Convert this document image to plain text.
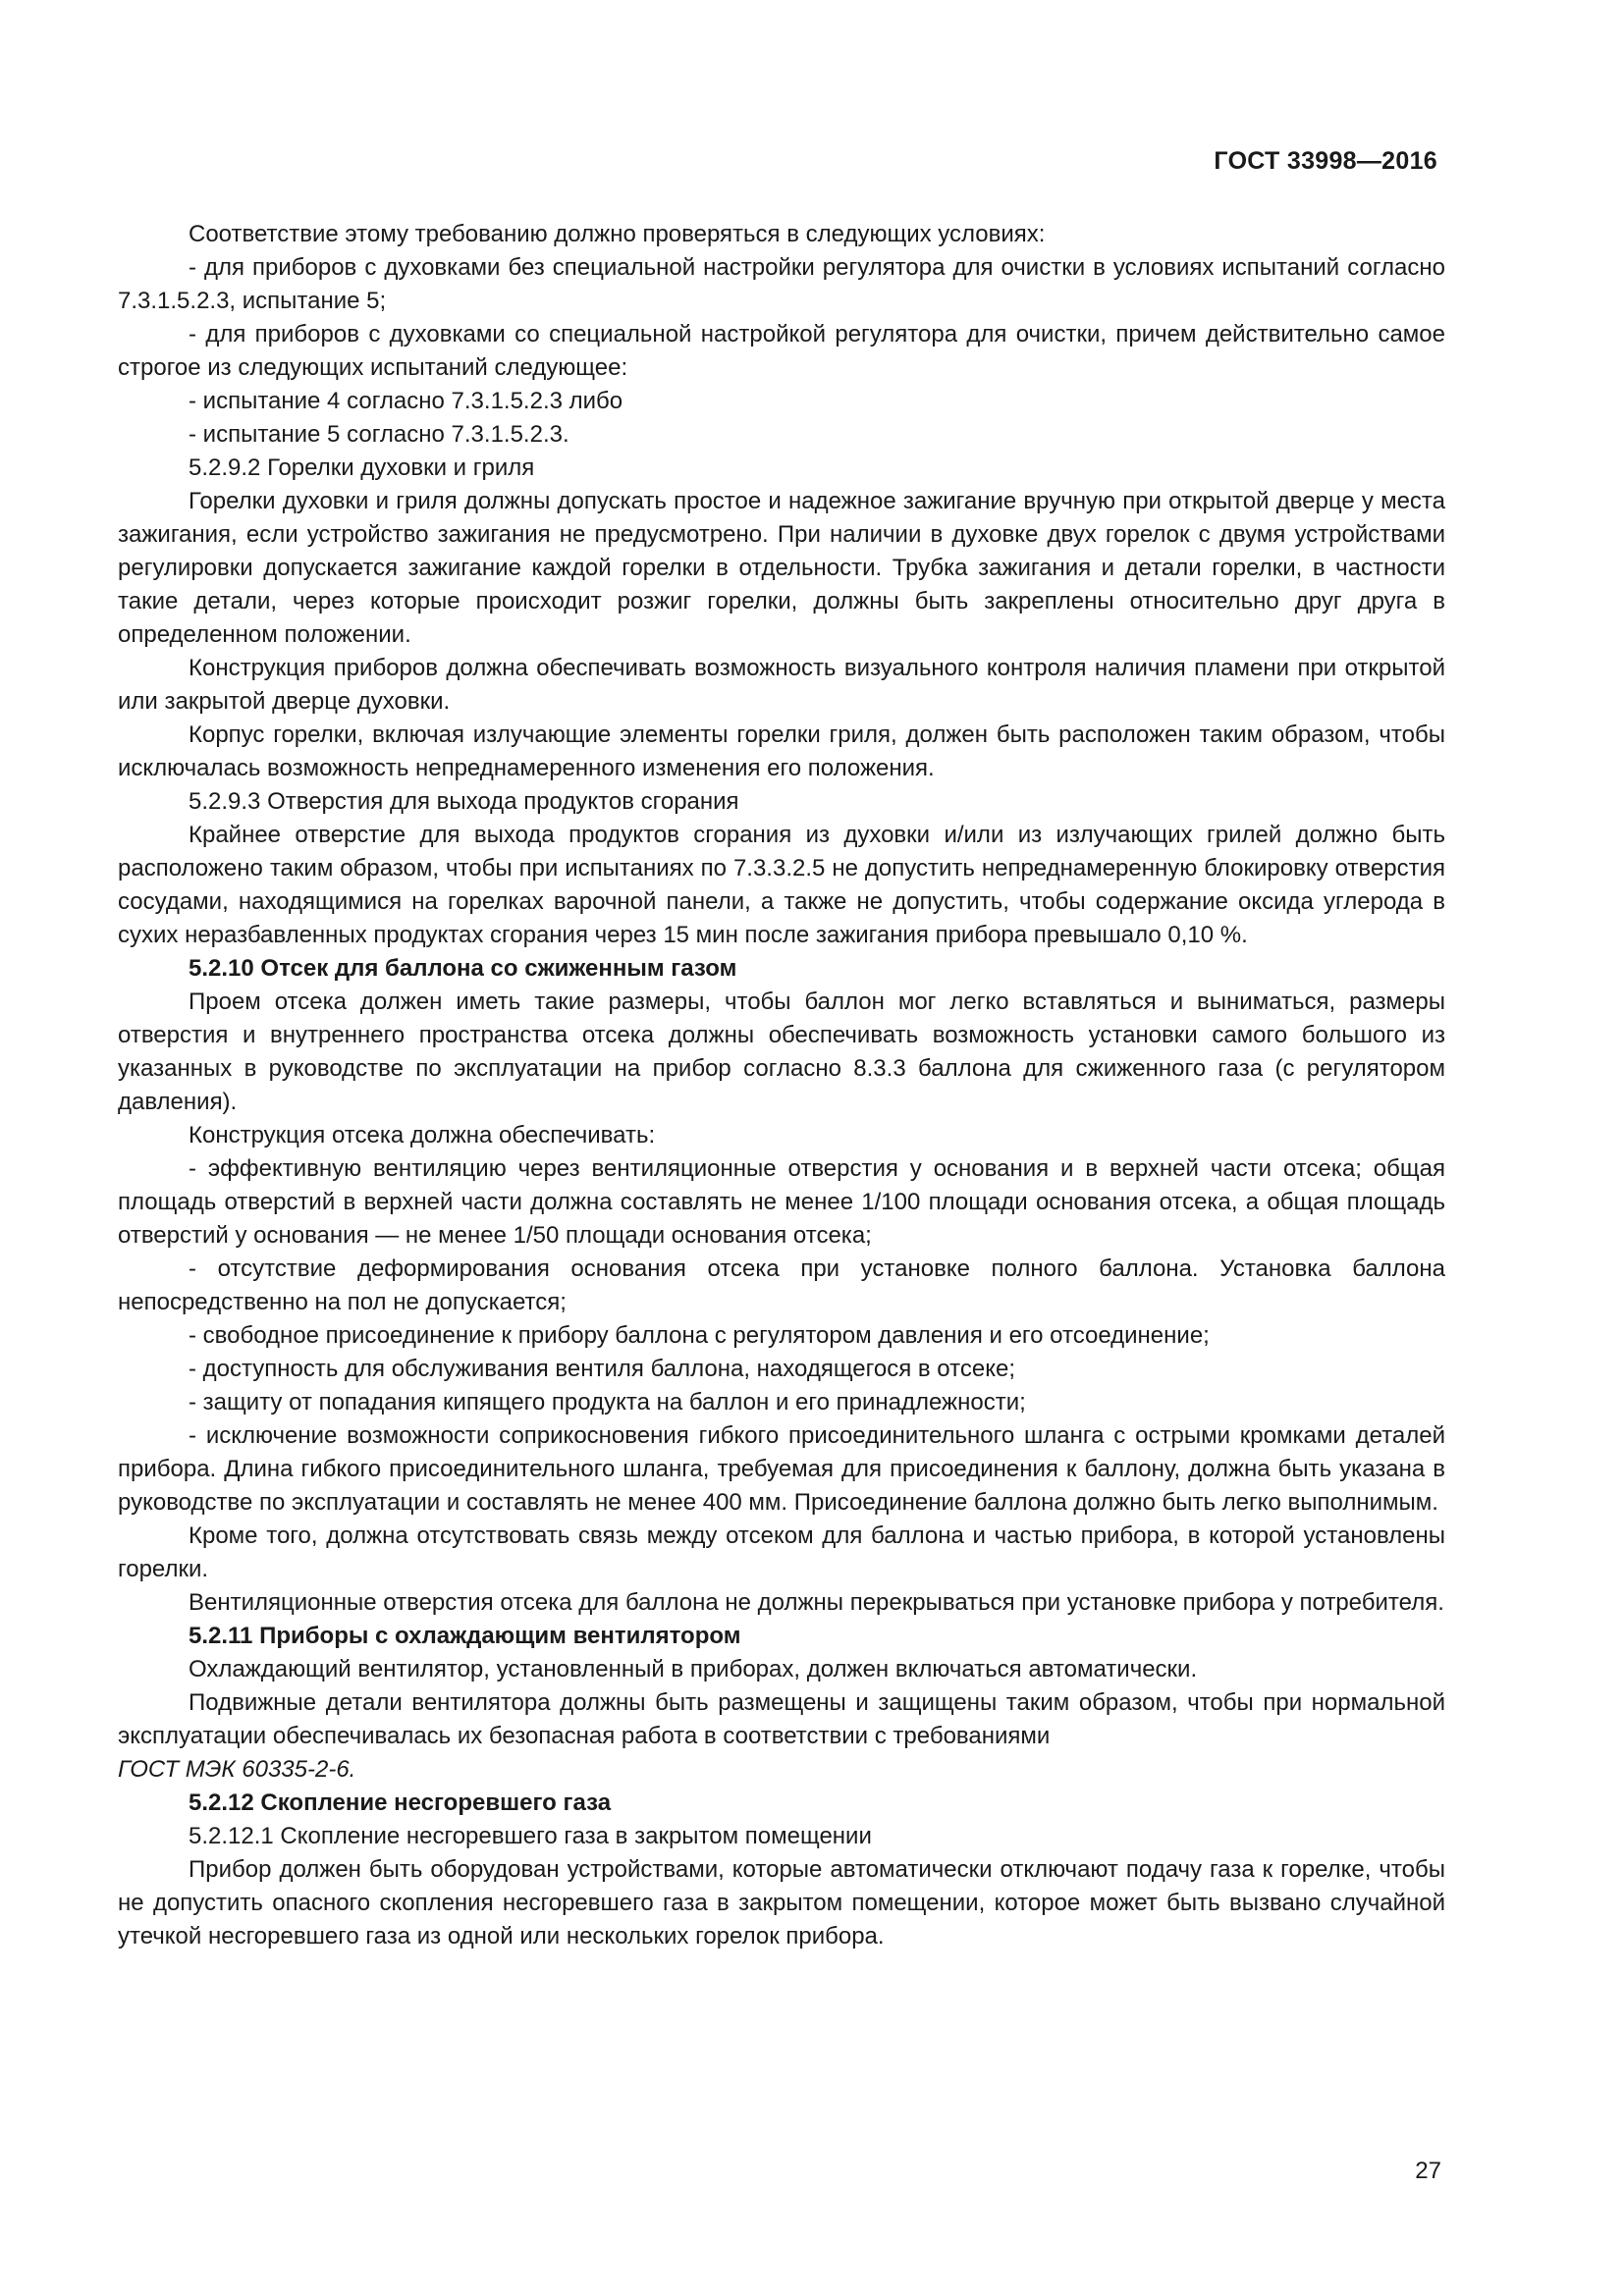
ГОСТ 33998—2016

Соответствие этому требованию должно проверяться в следующих условиях:

- для приборов с духовками без специальной настройки регулятора для очистки в условиях испытаний согласно 7.3.1.5.2.3, испытание 5;

- для приборов с духовками со специальной настройкой регулятора для очистки, причем действительно самое строгое из следующих испытаний следующее:

- испытание 4 согласно 7.3.1.5.2.3 либо

- испытание 5 согласно 7.3.1.5.2.3.

5.2.9.2 Горелки духовки и гриля

Горелки духовки и гриля должны допускать простое и надежное зажигание вручную при открытой дверце у места зажигания, если устройство зажигания не предусмотрено. При наличии в духовке двух горелок с двумя устройствами регулировки допускается зажигание каждой горелки в отдельности. Трубка зажигания и детали горелки, в частности такие детали, через которые происходит розжиг горелки, должны быть закреплены относительно друг друга в определенном положении.

Конструкция приборов должна обеспечивать возможность визуального контроля наличия пламени при открытой или закрытой дверце духовки.

Корпус горелки, включая излучающие элементы горелки гриля, должен быть расположен таким образом, чтобы исключалась возможность непреднамеренного изменения его положения.

5.2.9.3 Отверстия для выхода продуктов сгорания

Крайнее отверстие для выхода продуктов сгорания из духовки и/или из излучающих грилей должно быть расположено таким образом, чтобы при испытаниях по 7.3.3.2.5 не допустить непреднамеренную блокировку отверстия сосудами, находящимися на горелках варочной панели, а также не допустить, чтобы содержание оксида углерода в сухих неразбавленных продуктах сгорания через 15 мин после зажигания прибора превышало 0,10 %.

5.2.10 Отсек для баллона со сжиженным газом

Проем отсека должен иметь такие размеры, чтобы баллон мог легко вставляться и выниматься, размеры отверстия и внутреннего пространства отсека должны обеспечивать возможность установки самого большого из указанных в руководстве по эксплуатации на прибор согласно 8.3.3 баллона для сжиженного газа (с регулятором давления).

Конструкция отсека должна обеспечивать:

- эффективную вентиляцию через вентиляционные отверстия у основания и в верхней части отсека; общая площадь отверстий в верхней части должна составлять не менее 1/100 площади основания отсека, а общая площадь отверстий у основания — не менее 1/50 площади основания отсека;

- отсутствие деформирования основания отсека при установке полного баллона. Установка баллона непосредственно на пол не допускается;

- свободное присоединение к прибору баллона с регулятором давления и его отсоединение;

- доступность для обслуживания вентиля баллона, находящегося в отсеке;

- защиту от попадания кипящего продукта на баллон и его принадлежности;

- исключение возможности соприкосновения гибкого присоединительного шланга с острыми кромками деталей прибора. Длина гибкого присоединительного шланга, требуемая для присоединения к баллону, должна быть указана в руководстве по эксплуатации и составлять не менее 400 мм. Присоединение баллона должно быть легко выполнимым.

Кроме того, должна отсутствовать связь между отсеком для баллона и частью прибора, в которой установлены горелки.

Вентиляционные отверстия отсека для баллона не должны перекрываться при установке прибора у потребителя.

5.2.11 Приборы с охлаждающим вентилятором

Охлаждающий вентилятор, установленный в приборах, должен включаться автоматически.

Подвижные детали вентилятора должны быть размещены и защищены таким образом, чтобы при нормальной эксплуатации обеспечивалась их безопасная работа в соответствии с требованиями

ГОСТ МЭК 60335-2-6.

5.2.12 Скопление несгоревшего газа

5.2.12.1 Скопление несгоревшего газа в закрытом помещении

Прибор должен быть оборудован устройствами, которые автоматически отключают подачу газа к горелке, чтобы не допустить опасного скопления несгоревшего газа в закрытом помещении, которое может быть вызвано случайной утечкой несгоревшего газа из одной или нескольких горелок прибора.

27
